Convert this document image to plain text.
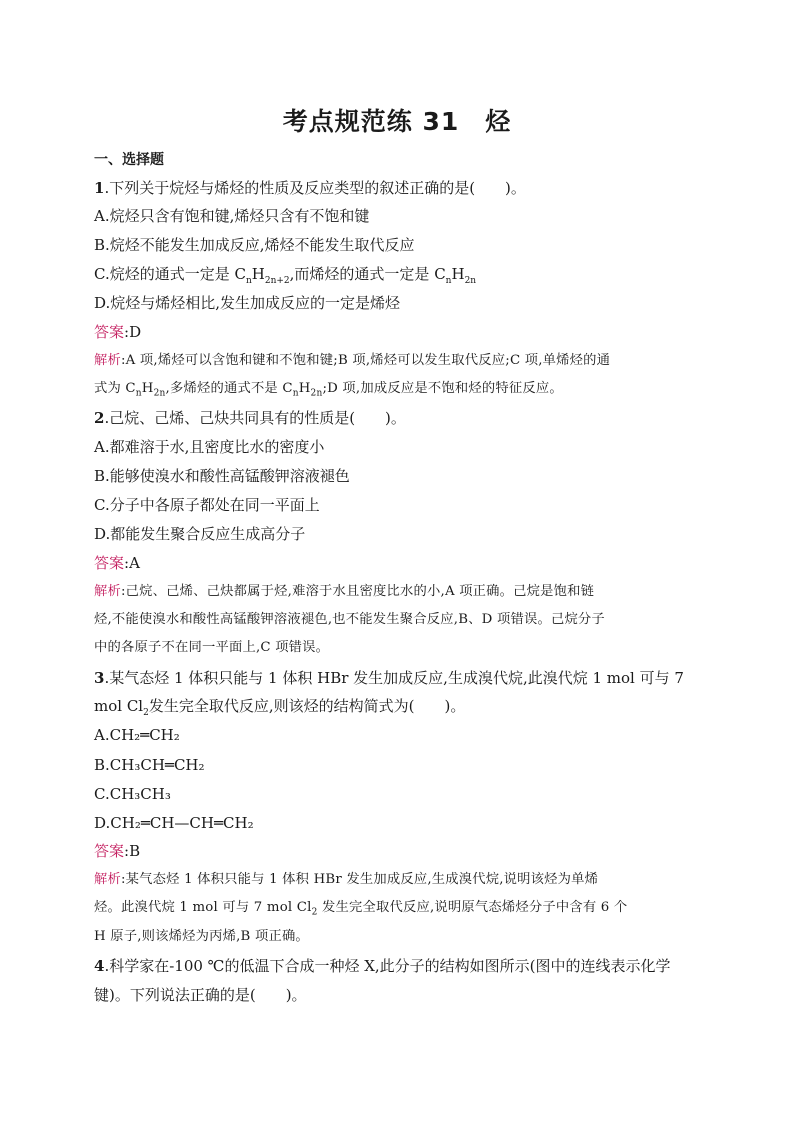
考点规范练 31　烃
一、选择题
1.下列关于烷烃与烯烃的性质及反应类型的叙述正确的是(　　)。
A.烷烃只含有饱和键,烯烃只含有不饱和键
B.烷烃不能发生加成反应,烯烃不能发生取代反应
C.烷烃的通式一定是 $C_nH_{2n+2}$,而烯烃的通式一定是 $C_nH_{2n}$
D.烷烃与烯烃相比,发生加成反应的一定是烯烃
答案:D
解析:A 项,烯烃可以含饱和键和不饱和键;B 项,烯烃可以发生取代反应;C 项,单烯烃的通
式为 $C_nH_{2n}$,多烯烃的通式不是 $C_nH_{2n};D$ 项,加成反应是不饱和烃的特征反应。
2.己烷、己烯、己炔共同具有的性质是(　　)。
A.都难溶于水,且密度比水的密度小
B.能够使溴水和酸性高锰酸钾溶液褪色
C.分子中各原子都处在同一平面上
D.都能发生聚合反应生成高分子
答案:A
解析:己烷、己烯、己炔都属于烃,难溶于水且密度比水的小,A 项正确。己烷是饱和链
烃,不能使溴水和酸性高锰酸钾溶液褪色,也不能发生聚合反应,B、D 项错误。己烷分子
中的各原子不在同一平面上,C 项错误。
3.某气态烃 1 体积只能与 1 体积 HBr 发生加成反应,生成溴代烷,此溴代烷 1 mol 可与 7
mol $Cl_2$发生完全取代反应,则该烃的结构简式为(　　)。
A.CH₂═CH₂
B.CH₃CH═CH₂
C.CH₃CH₃
D.CH₂═CH—CH═CH₂
答案:B
解析:某气态烃 1 体积只能与 1 体积 HBr 发生加成反应,生成溴代烷,说明该烃为单烯
烃。此溴代烷 1 mol 可与 7 mol $Cl_2$ 发生完全取代反应,说明原气态烯烃分子中含有 6 个
H 原子,则该烯烃为丙烯,B 项正确。
4.科学家在-100 ℃的低温下合成一种烃 X,此分子的结构如图所示(图中的连线表示化学
键)。下列说法正确的是(　　)。
